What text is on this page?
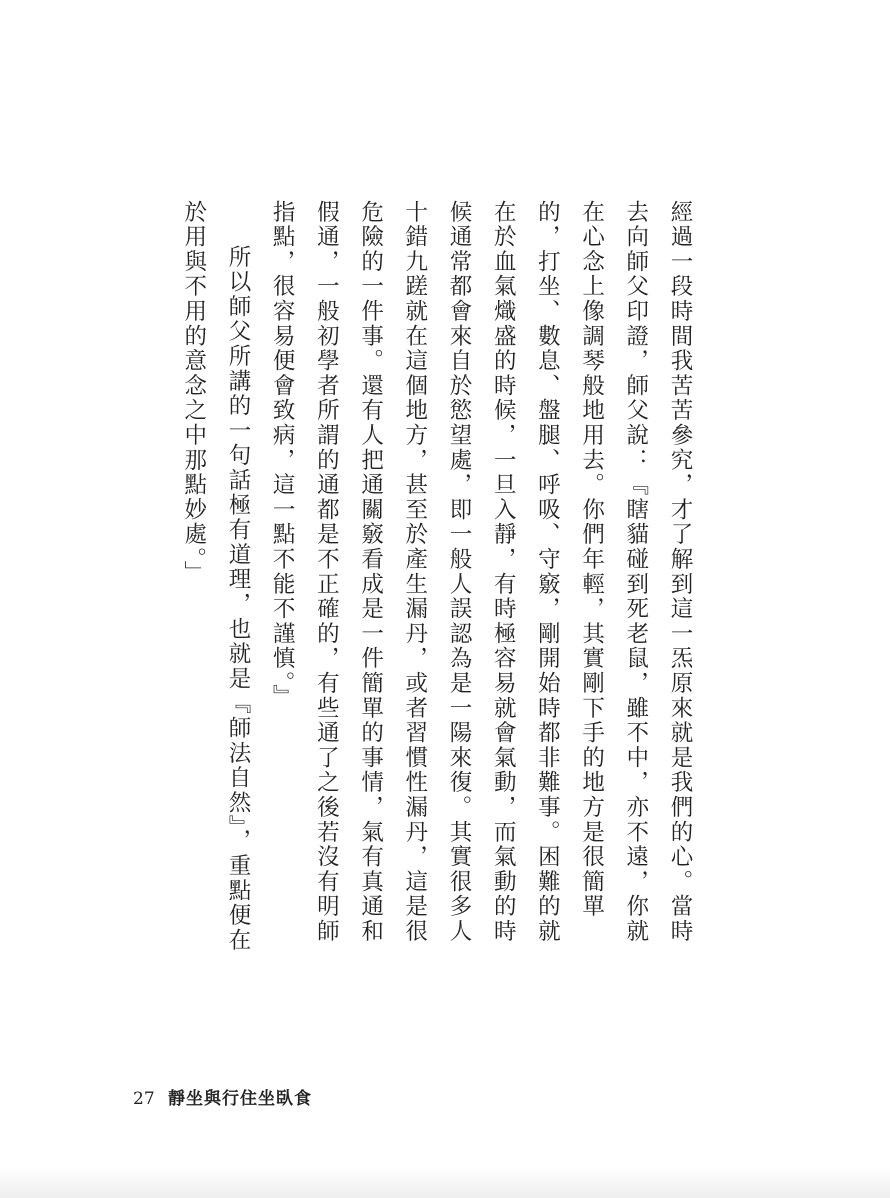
經過一段時間我苦苦參究，才了解到這一炁原來就是我們的心。當時去向師父印證，師父說：『瞎貓碰到死老鼠，雖不中，亦不遠，你就在心念上像調琴般地用去。你們年輕，其實剛下手的地方是很簡單的，打坐、數息、盤腿、呼吸、守竅，剛開始時都非難事。困難的就在於血氣熾盛的時候，一旦入靜，有時極容易就會氣動，而氣動的時候通常都會來自於慾望處，即一般人誤認為是一陽來復。其實很多人十錯九蹉就在這個地方，甚至於產生漏丹，或者習慣性漏丹，這是很危險的一件事。還有人把通關竅看成是一件簡單的事情，氣有真通和假通，一般初學者所謂的通都是不正確的，有些通了之後若沒有明師指點，很容易便會致病，這一點不能不謹慎。』

所以師父所講的一句話極有道理，也就是『師法自然』，重點便在於用與不用的意念之中那點妙處。」

27 靜坐與行住坐臥食
